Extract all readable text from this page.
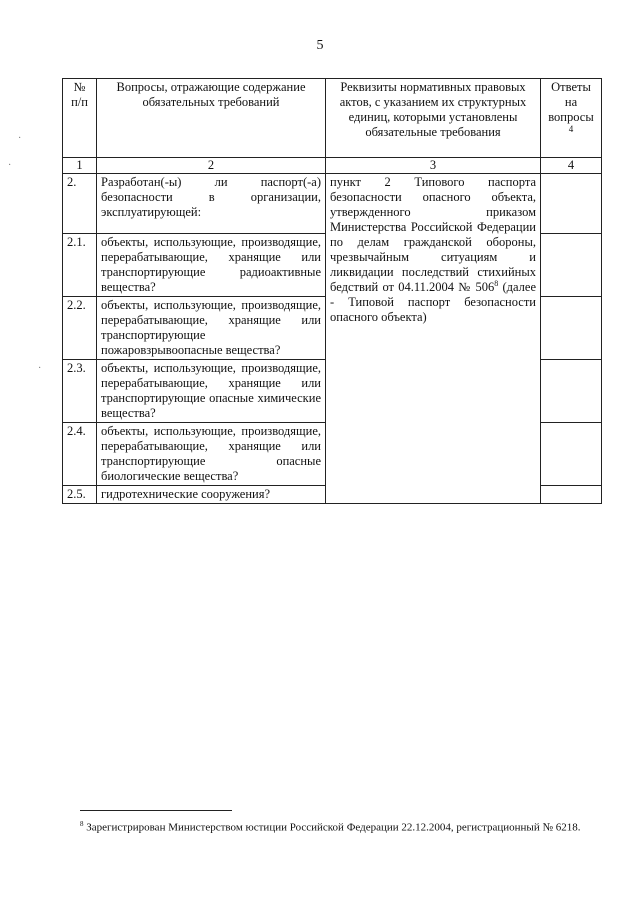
5
·
·
·
№ п/п	Вопросы, отражающие содержание обязательных требований	Реквизиты нормативных правовых актов, с указанием их структурных единиц, которыми установлены обязательные требования	Ответы на вопросы
4

1	2	3	4
2.	Разработан(-ы) ли паспорт(-а) безопасности в организации, эксплуатирующей:	пункт 2 Типового паспорта безопасности опасного объекта, утвержденного приказом Министерства Российской Федерации по делам гражданской обороны, чрезвычайным ситуациям и ликвидации последствий стихийных бедствий от 04.11.2004 № $506^8$ (далее - Типовой паспорт безопасности опасного объекта)	
2.1.	объекты, использующие, производящие, перерабатывающие, хранящие или транспортирующие радиоактивные вещества?		
2.2.	объекты, использующие, производящие, перерабатывающие, хранящие или транспортирующие пожаровзрывоопасные вещества?		
2.3.	объекты, использующие, производящие, перерабатывающие, хранящие или транспортирующие опасные химические вещества?		
2.4.	объекты, использующие, производящие, перерабатывающие, хранящие или транспортирующие опасные биологические вещества?		
2.5.	гидротехнические сооружения?		
$^8$ Зарегистрирован Министерством юстиции Российской Федерации 22.12.2004, регистрационный № 6218.
